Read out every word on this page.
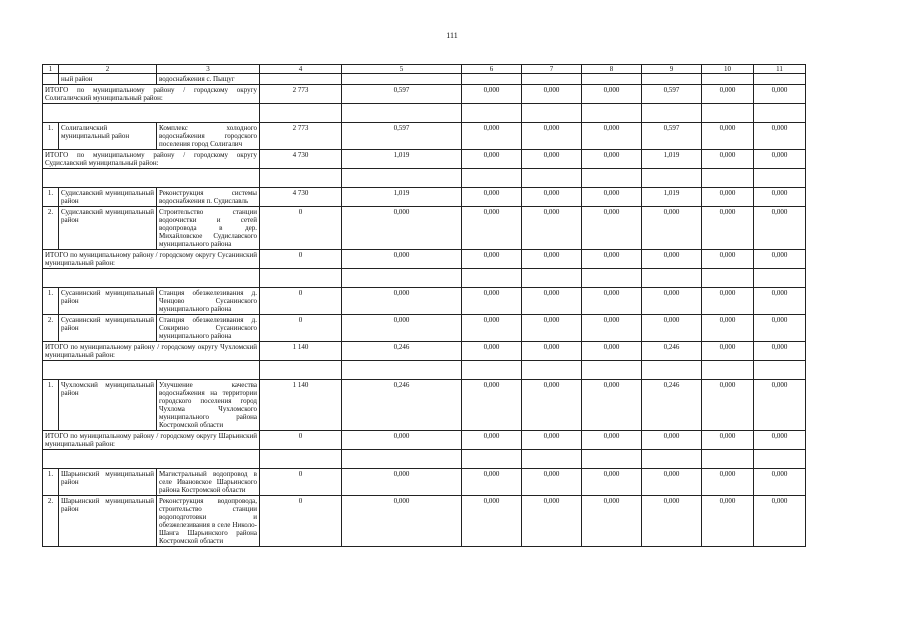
111
1	2	3	4	5	6	7	8	9	10	11
	ный район	водоснабжения с. Пыщуг								
ИТОГО по муниципальному району / городскому округу Солигаличский муниципальный район:			2 773	0,597	0,000	0,000	0,000	0,597	0,000	0,000

1.	Солигаличский муниципальный район	Комплекс холодного водоснабжения городского поселения город Солигалич	2 773	0,597	0,000	0,000	0,000	0,597	0,000	0,000
ИТОГО по муниципальному району / городскому округу Судиславский муниципальный район:			4 730	1,019	0,000	0,000	0,000	1,019	0,000	0,000

1.	Судиславский муниципальный район	Реконструкция системы водоснабжения п. Судиславль	4 730	1,019	0,000	0,000	0,000	1,019	0,000	0,000
2.	Судиславский муниципальный район	Строительство станции водоочистки и сетей водопровода в дер. Михайловское Судиславского муниципального района	0	0,000	0,000	0,000	0,000	0,000	0,000	0,000
ИТОГО по муниципальному району / городскому округу Сусанинский муниципальный район:			0	0,000	0,000	0,000	0,000	0,000	0,000	0,000

1.	Сусанинский муниципальный район	Станция обезжелезивания д. Ченцово Сусанинского муниципального района	0	0,000	0,000	0,000	0,000	0,000	0,000	0,000
2.	Сусанинский муниципальный район	Станция обезжелезивания д. Сокирино Сусанинского муниципального района	0	0,000	0,000	0,000	0,000	0,000	0,000	0,000
ИТОГО по муниципальному району / городскому округу Чухломский муниципальный район:			1 140	0,246	0,000	0,000	0,000	0,246	0,000	0,000

1.	Чухломский муниципальный район	Улучшение качества водоснабжения на территории городского поселения город Чухлома Чухломского муниципального района Костромской области	1 140	0,246	0,000	0,000	0,000	0,246	0,000	0,000
ИТОГО по муниципальному району / городскому округу Шарьинский муниципальный район:			0	0,000	0,000	0,000	0,000	0,000	0,000	0,000

1.	Шарьинский муниципальный район	Магистральный водопровод в селе Ивановское Шарьинского района Костромской области	0	0,000	0,000	0,000	0,000	0,000	0,000	0,000
2.	Шарьинский муниципальный район	Реконструкция водопровода, строительство станции водоподготовки и обезжелезивания в селе Николо-Шанга Шарьинского района Костромской области	0	0,000	0,000	0,000	0,000	0,000	0,000	0,000
